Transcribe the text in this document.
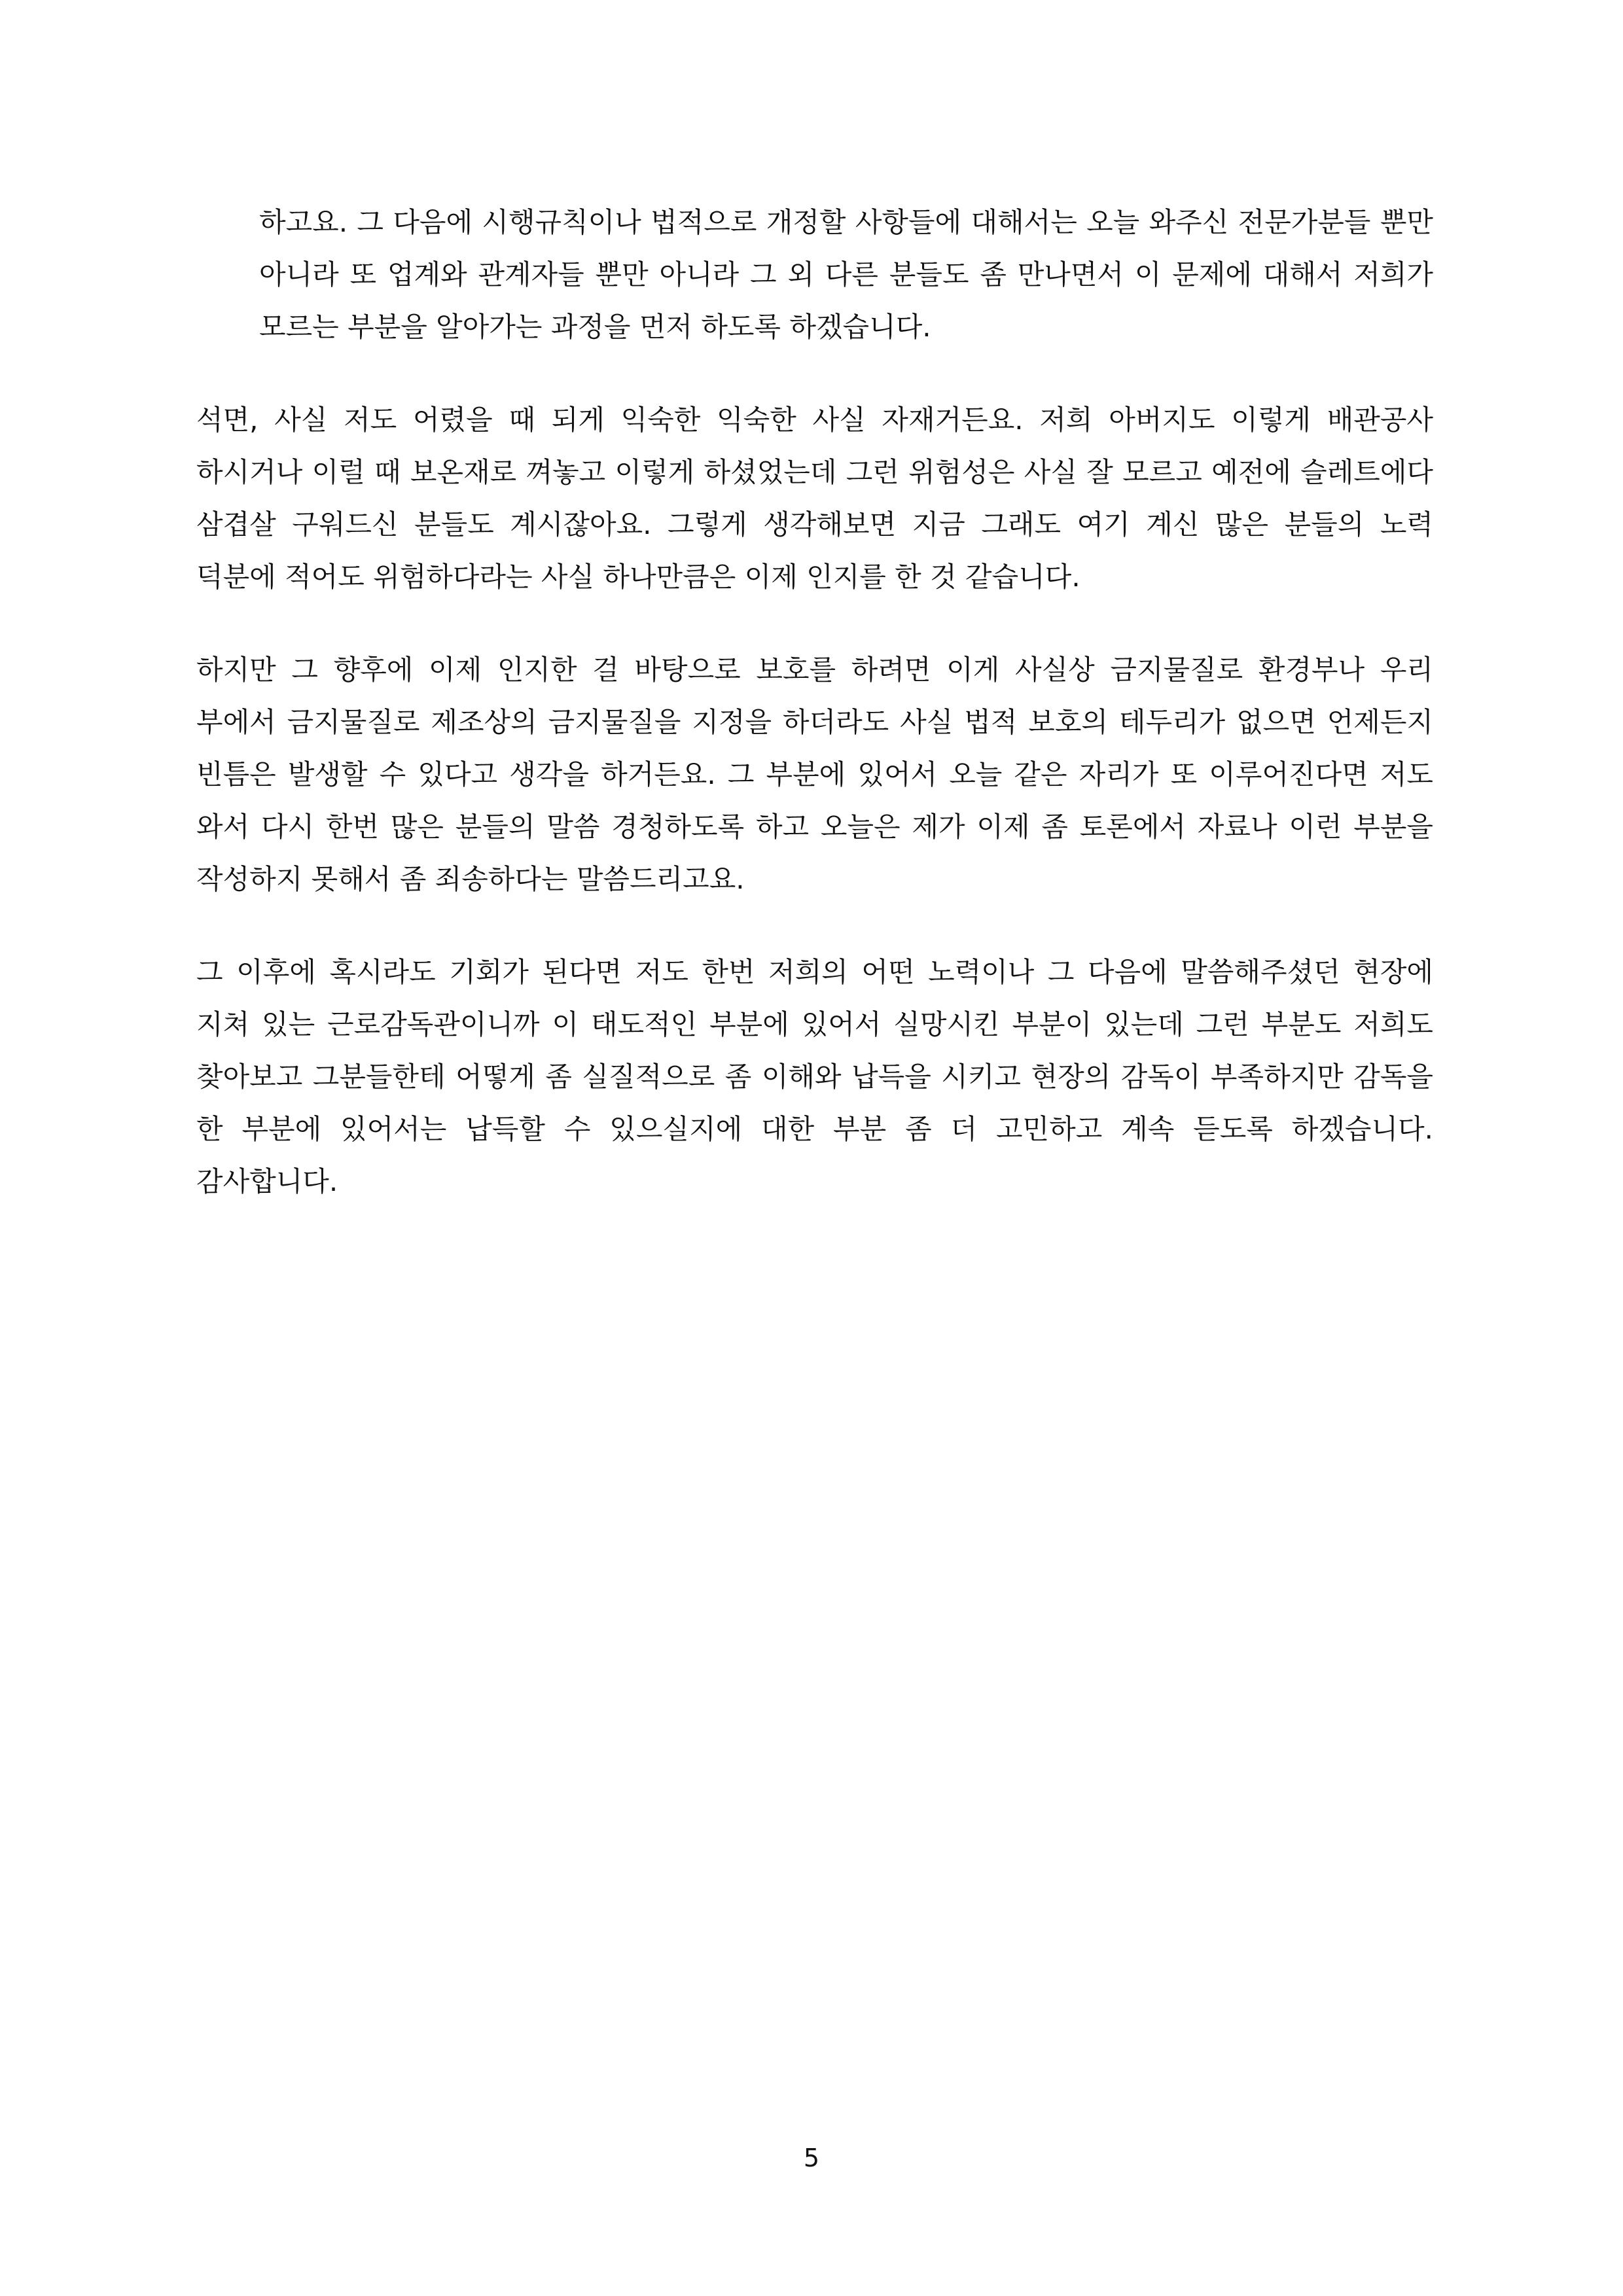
하고요. 그 다음에 시행규칙이나 법적으로 개정할 사항들에 대해서는 오늘 와주신 전문가분들 뿐만 아니라 또 업계와 관계자들 뿐만 아니라 그 외 다른 분들도 좀 만나면서 이 문제에 대해서 저희가 모르는 부분을 알아가는 과정을 먼저 하도록 하겠습니다.

석면, 사실 저도 어렸을 때 되게 익숙한 익숙한 사실 자재거든요. 저희 아버지도 이렇게 배관공사 하시거나 이럴 때 보온재로 껴놓고 이렇게 하셨었는데 그런 위험성은 사실 잘 모르고 예전에 슬레트에다 삼겹살 구워드신 분들도 계시잖아요. 그렇게 생각해보면 지금 그래도 여기 계신 많은 분들의 노력 덕분에 적어도 위험하다라는 사실 하나만큼은 이제 인지를 한 것 같습니다.

하지만 그 향후에 이제 인지한 걸 바탕으로 보호를 하려면 이게 사실상 금지물질로 환경부나 우리 부에서 금지물질로 제조상의 금지물질을 지정을 하더라도 사실 법적 보호의 테두리가 없으면 언제든지 빈틈은 발생할 수 있다고 생각을 하거든요. 그 부분에 있어서 오늘 같은 자리가 또 이루어진다면 저도 와서 다시 한번 많은 분들의 말씀 경청하도록 하고 오늘은 제가 이제 좀 토론에서 자료나 이런 부분을 작성하지 못해서 좀 죄송하다는 말씀드리고요.

그 이후에 혹시라도 기회가 된다면 저도 한번 저희의 어떤 노력이나 그 다음에 말씀해주셨던 현장에 지쳐 있는 근로감독관이니까 이 태도적인 부분에 있어서 실망시킨 부분이 있는데 그런 부분도 저희도 찾아보고 그분들한테 어떻게 좀 실질적으로 좀 이해와 납득을 시키고 현장의 감독이 부족하지만 감독을 한 부분에 있어서는 납득할 수 있으실지에 대한 부분 좀 더 고민하고 계속 듣도록 하겠습니다. 감사합니다.

5
